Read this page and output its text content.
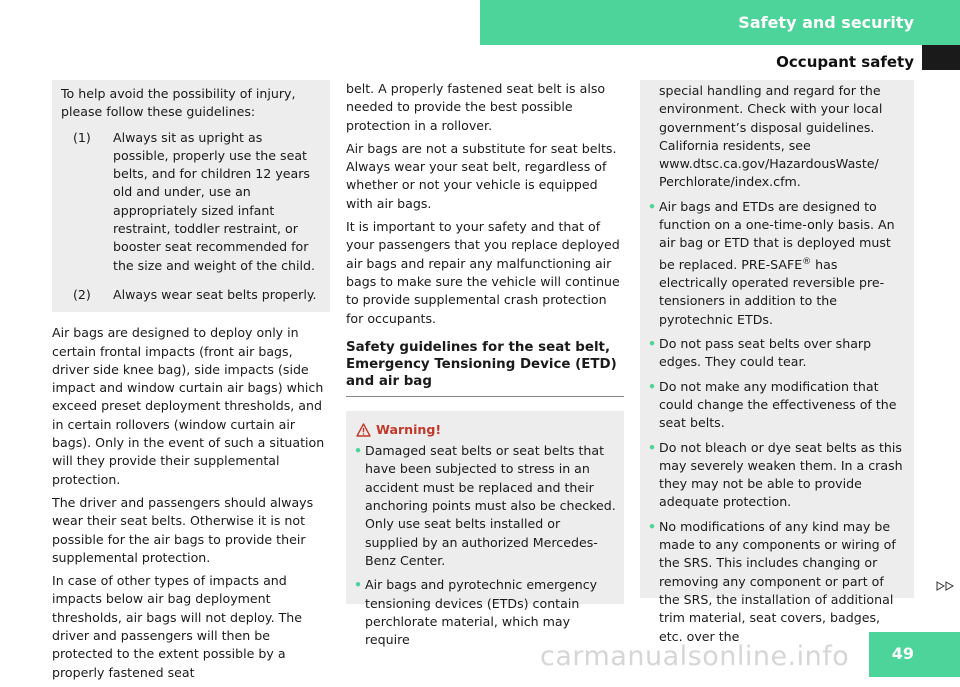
Safety and security
Occupant safety
To help avoid the possibility of injury, please follow these guidelines:
(1)	Always sit as upright as possible, properly use the seat belts, and for children 12 years old and under, use an appropriately sized infant restraint, toddler restraint, or booster seat recommended for the size and weight of the child.
(2)	Always wear seat belts properly.

Air bags are designed to deploy only in certain frontal impacts (front air bags, driver side knee bag), side impacts (side impact and window curtain air bags) which exceed preset deployment thresholds, and in certain rollovers (window curtain air bags). Only in the event of such a situation will they provide their supplemental protection.

The driver and passengers should always wear their seat belts. Otherwise it is not possible for the air bags to provide their supplemental protection.

In case of other types of impacts and impacts below air bag deployment thresholds, air bags will not deploy. The driver and passengers will then be protected to the extent possible by a properly fastened seat

belt. A properly fastened seat belt is also needed to provide the best possible protection in a rollover.

Air bags are not a substitute for seat belts. Always wear your seat belt, regardless of whether or not your vehicle is equipped with air bags.

It is important to your safety and that of your passengers that you replace deployed air bags and repair any malfunctioning air bags to make sure the vehicle will continue to provide supplemental crash protection for occupants.

Safety guidelines for the seat belt, Emergency Tensioning Device (ETD) and air bag
Warning!
• Damaged seat belts or seat belts that have been subjected to stress in an accident must be replaced and their anchoring points must also be checked. Only use seat belts installed or supplied by an authorized Mercedes-Benz Center.
• Air bags and pyrotechnic emergency tensioning devices (ETDs) contain perchlorate material, which may require
special handling and regard for the environment. Check with your local government’s disposal guidelines. California residents, see www.dtsc.ca.gov/HazardousWaste/ Perchlorate/index.cfm.
• Air bags and ETDs are designed to function on a one-time-only basis. An air bag or ETD that is deployed must be replaced. PRE-SAFE® has electrically operated reversible pre-tensioners in addition to the pyrotechnic ETDs.
• Do not pass seat belts over sharp edges. They could tear.
• Do not make any modification that could change the effectiveness of the seat belts.
• Do not bleach or dye seat belts as this may severely weaken them. In a crash they may not be able to provide adequate protection.
• No modifications of any kind may be made to any components or wiring of the SRS. This includes changing or removing any component or part of the SRS, the installation of additional trim material, seat covers, badges, etc. over the
carmanualsonline.info	49
